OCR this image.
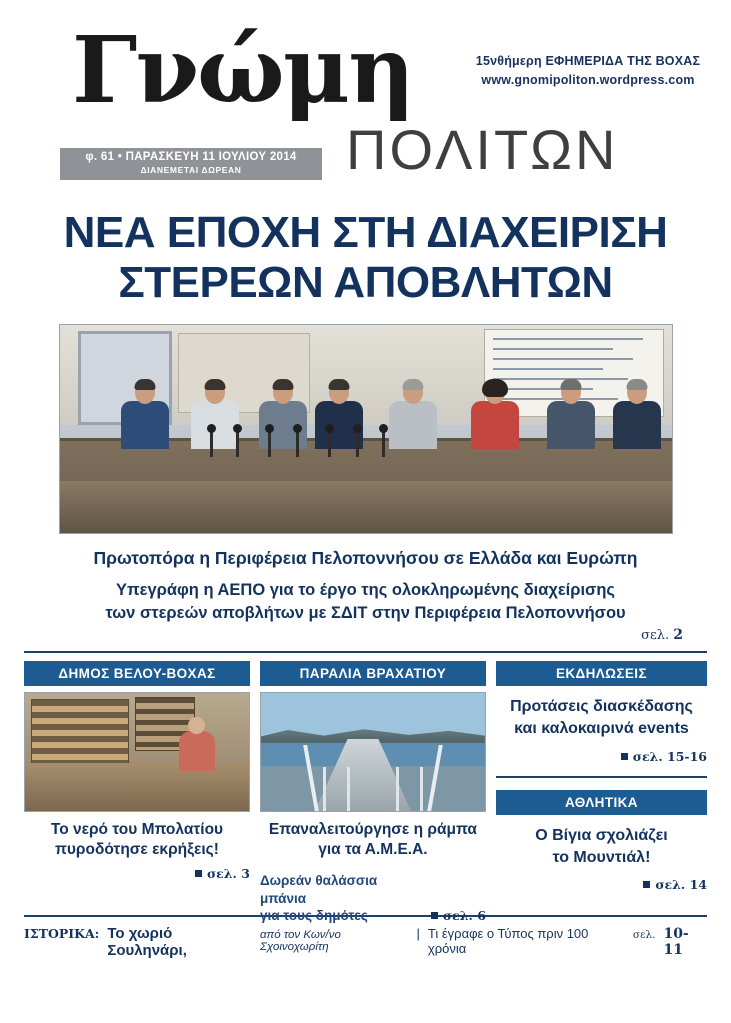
Γνώμη
ΠΟΛΙΤΩΝ
15νθήμερη ΕΦΗΜΕΡΙΔΑ ΤΗΣ ΒΟΧΑΣ
www.gnomipoliton.wordpress.com
φ. 61 • ΠΑΡΑΣΚΕΥΗ 11 ΙΟΥΛΙΟΥ 2014
ΔΙΑΝΕΜΕΤΑΙ ΔΩΡΕΑΝ
ΝΕΑ ΕΠΟΧΗ ΣΤΗ ΔΙΑΧΕΙΡΙΣΗ
ΣΤΕΡΕΩΝ ΑΠΟΒΛΗΤΩΝ
Πρωτοπόρα η Περιφέρεια Πελοποννήσου σε Ελλάδα και Ευρώπη
Υπεγράφη η ΑΕΠΟ για το έργο της ολοκληρωμένης διαχείρισης
των στερεών αποβλήτων με ΣΔΙΤ στην Περιφέρεια Πελοποννήσου
σελ. 2
ΔΗΜΟΣ ΒΕΛΟΥ-ΒΟΧΑΣ
Το νερό του Μπολατίου
πυροδότησε εκρήξεις!
σελ. 3
ΠΑΡΑΛΙΑ ΒΡΑΧΑΤΙΟΥ
Επαναλειτούργησε η ράμπα
για τα Α.Μ.Ε.Α.
Δωρεάν θαλάσσια μπάνια
για τους δημότες	σελ. 6
ΕΚΔΗΛΩΣΕΙΣ
Προτάσεις διασκέδασης
και καλοκαιρινά events
σελ. 15-16
ΑΘΛΗΤΙΚΑ
Ο Βίγια σχολιάζει
το Μουντιάλ!
σελ. 14
ΙΣΤΟΡΙΚΑ: Το χωριό Σουληνάρι,
από τον Κων/νο Σχοινοχωρίτη
| Τι έγραφε ο Τύπος πριν 100 χρόνια
σελ. 10-11
